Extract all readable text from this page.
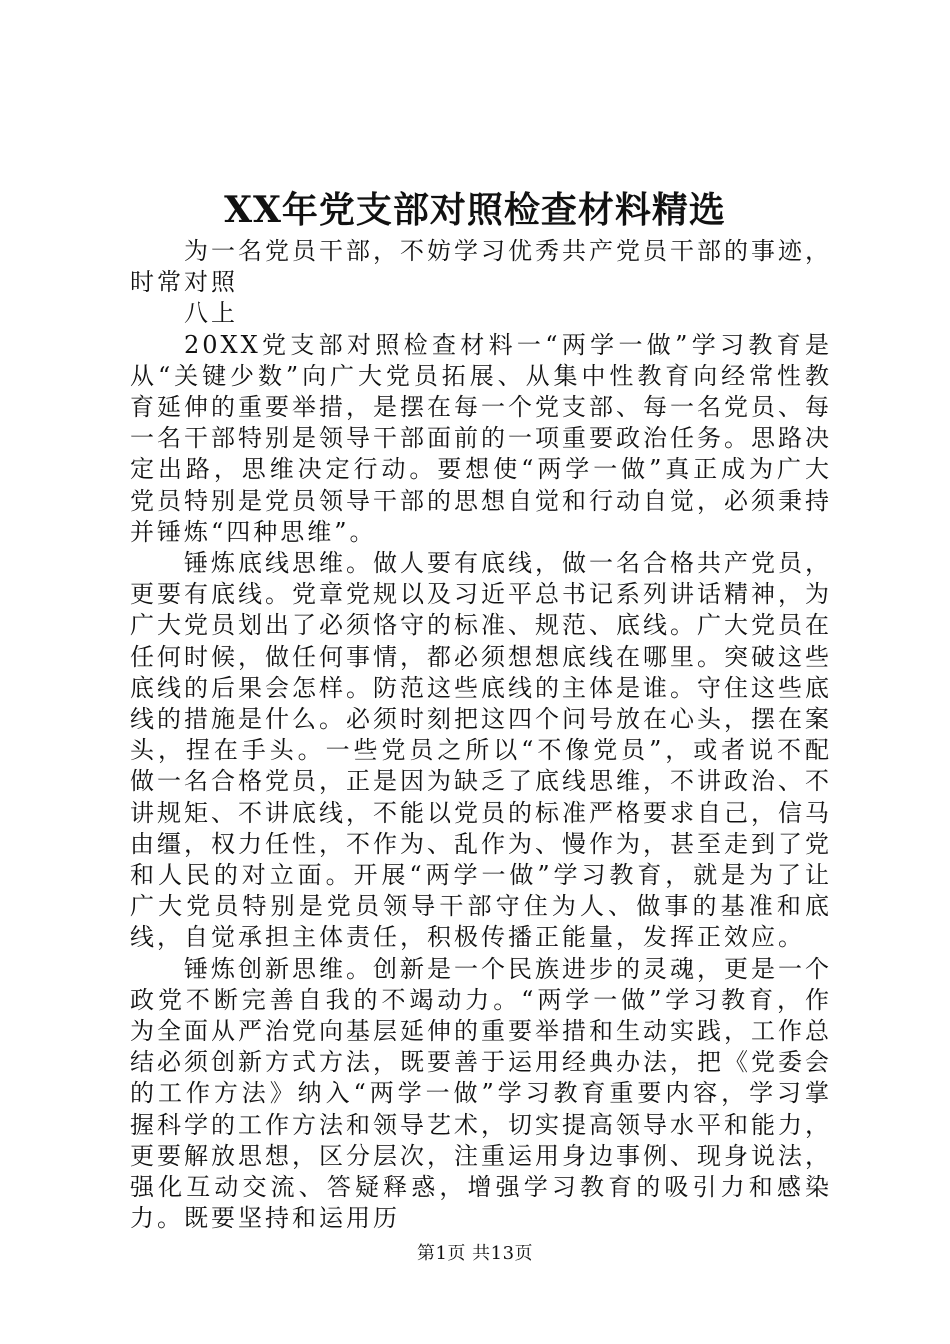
XX年党支部对照检查材料精选

为一名党员干部，不妨学习优秀共产党员干部的事迹，时常对照

八上

20XX党支部对照检查材料一“两学一做”学习教育是从“关键少数”向广大党员拓展、从集中性教育向经常性教育延伸的重要举措，是摆在每一个党支部、每一名党员、每一名干部特别是领导干部面前的一项重要政治任务。思路决定出路，思维决定行动。要想使“两学一做”真正成为广大党员特别是党员领导干部的思想自觉和行动自觉，必须秉持并锤炼“四种思维”。

锤炼底线思维。做人要有底线，做一名合格共产党员，更要有底线。党章党规以及习近平总书记系列讲话精神，为广大党员划出了必须恪守的标准、规范、底线。广大党员在任何时候，做任何事情，都必须想想底线在哪里。突破这些底线的后果会怎样。防范这些底线的主体是谁。守住这些底线的措施是什么。必须时刻把这四个问号放在心头，摆在案头，捏在手头。一些党员之所以“不像党员”，或者说不配做一名合格党员，正是因为缺乏了底线思维，不讲政治、不讲规矩、不讲底线，不能以党员的标准严格要求自己，信马由缰，权力任性，不作为、乱作为、慢作为，甚至走到了党和人民的对立面。开展“两学一做”学习教育，就是为了让广大党员特别是党员领导干部守住为人、做事的基准和底线，自觉承担主体责任，积极传播正能量，发挥正效应。

锤炼创新思维。创新是一个民族进步的灵魂，更是一个政党不断完善自我的不竭动力。“两学一做”学习教育，作为全面从严治党向基层延伸的重要举措和生动实践，工作总结必须创新方式方法，既要善于运用经典办法，把《党委会的工作方法》纳入“两学一做”学习教育重要内容，学习掌握科学的工作方法和领导艺术，切实提高领导水平和能力，更要解放思想，区分层次，注重运用身边事例、现身说法，强化互动交流、答疑释惑，增强学习教育的吸引力和感染力。既要坚持和运用历

第1页 共13页
